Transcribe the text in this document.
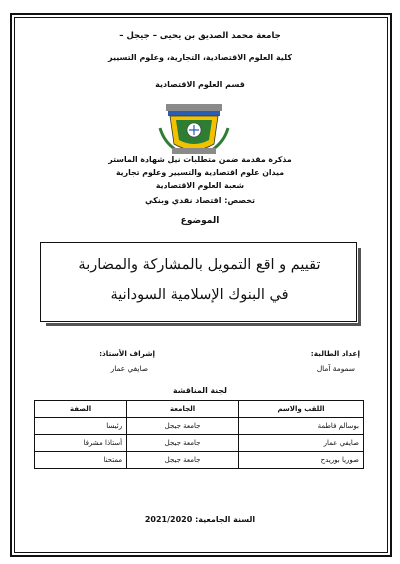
جامعة محمد الصديق بن يحيى – جيجل –
كلية العلوم الاقتصادية، التجارية، وعلوم التسيير
قسم العلوم الاقتصادية
مذكرة مقدمة ضمن متطلبات نيل شهادة الماستر
ميدان علوم اقتصادية والتسيير وعلوم تجارية
شعبة العلوم الاقتصادية
تخصص: اقتصاد نقدي وبنكي
الموضوع
تقييم و اقع التمويل بالمشاركة والمضاربة
في البنوك الإسلامية السودانية
إعداد الطالبة:
سمومة آمال
إشراف الأستاذ:
صايفي عمار
لجنة المناقشة
اللقب والاسم	الجامعة	الصفة
بوسالم فاطمة	جامعة جيجل	رئيسا
صايفي عمار	جامعة جيجل	أستاذا مشرفا
صوريا بوريدح	جامعة جيجل	ممتحنا
السنة الجامعية: 2021/2020
